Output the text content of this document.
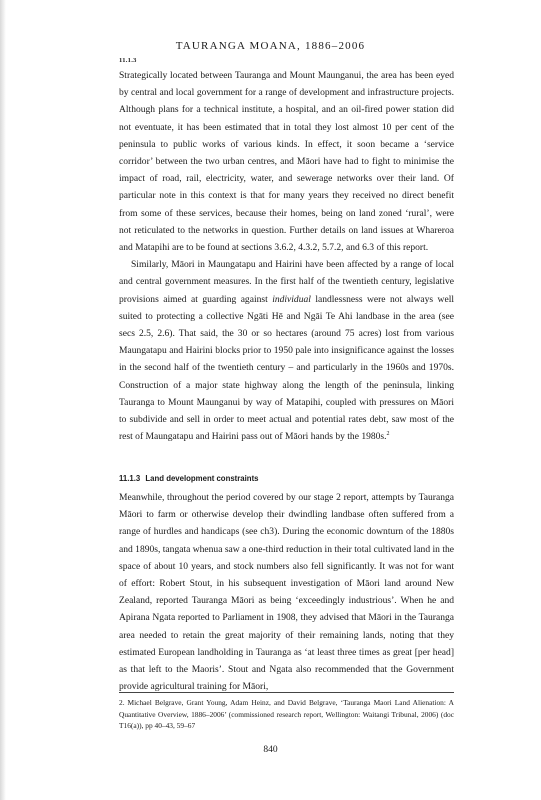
TAURANGA MOANA, 1886–2006
11.1.3

Strategically located between Tauranga and Mount Maunganui, the area has been eyed by central and local government for a range of development and infrastructure projects. Although plans for a technical institute, a hospital, and an oil-fired power station did not eventuate, it has been estimated that in total they lost almost 10 per cent of the peninsula to public works of various kinds. In effect, it soon became a ‘service corridor’ between the two urban centres, and Māori have had to fight to minimise the impact of road, rail, electricity, water, and sewerage networks over their land. Of particular note in this context is that for many years they received no direct benefit from some of these services, because their homes, being on land zoned ‘rural’, were not reticulated to the networks in question. Further details on land issues at Whareroa and Matapihi are to be found at sections 3.6.2, 4.3.2, 5.7.2, and 6.3 of this report.

Similarly, Māori in Maungatapu and Hairini have been affected by a range of local and central government measures. In the first half of the twentieth century, legislative provisions aimed at guarding against individual landlessness were not always well suited to protecting a collective Ngāti Hē and Ngāi Te Ahi landbase in the area (see secs 2.5, 2.6). That said, the 30 or so hectares (around 75 acres) lost from various Maungatapu and Hairini blocks prior to 1950 pale into insignificance against the losses in the second half of the twentieth century – and particularly in the 1960s and 1970s. Construction of a major state highway along the length of the peninsula, linking Tauranga to Mount Maunganui by way of Matapihi, coupled with pressures on Māori to subdivide and sell in order to meet actual and potential rates debt, saw most of the rest of Maungatapu and Hairini pass out of Māori hands by the 1980s.$^2$

11.1.3 Land development constraints

Meanwhile, throughout the period covered by our stage 2 report, attempts by Tauranga Māori to farm or otherwise develop their dwindling landbase often suffered from a range of hurdles and handicaps (see ch3). During the economic downturn of the 1880s and 1890s, tangata whenua saw a one-third reduction in their total cultivated land in the space of about 10 years, and stock numbers also fell significantly. It was not for want of effort: Robert Stout, in his subsequent investigation of Māori land around New Zealand, reported Tauranga Māori as being ‘exceedingly industrious’. When he and Apirana Ngata reported to Parliament in 1908, they advised that Māori in the Tauranga area needed to retain the great majority of their remaining lands, noting that they estimated European landholding in Tauranga as ‘at least three times as great [per head] as that left to the Maoris’. Stout and Ngata also recommended that the Government provide agricultural training for Māori,

2. Michael Belgrave, Grant Young, Adam Heinz, and David Belgrave, ‘Tauranga Maori Land Alienation: A Quantitative Overview, 1886–2006’ (commissioned research report, Wellington: Waitangi Tribunal, 2006) (doc T16(a)), pp 40–43, 59–67
840
